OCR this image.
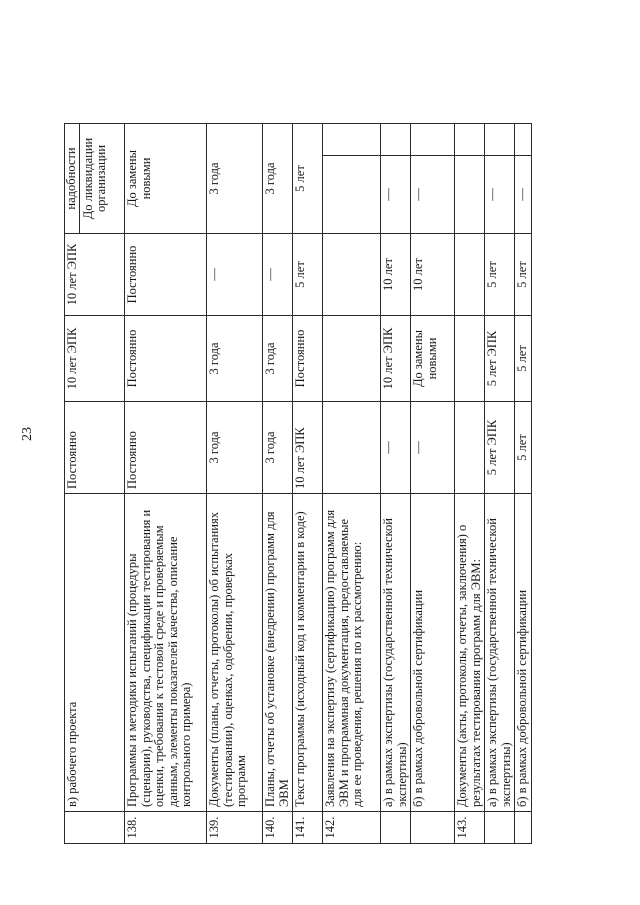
23
	в) рабочего проекта	Постоянно	10 лет ЭПК	10 лет ЭПК	надобности До ликвидации организации	

138.	Программы и методики испытаний (процедуры (сценарии), руководства, спецификации тестирования и оценки, требования к тестовой среде и проверяемым данным, элементы показателей качества, описание контрольного примера)	Постоянно	Постоянно	Постоянно	До замены новыми	
139.	Документы (планы, отчеты, протоколы) об испытаниях (тестировании), оценках, одобрении, проверках программ	3 года	3 года	—	3 года	
140.	Планы, отчеты об установке (внедрении) программ для ЭВМ	3 года	3 года	—	3 года	
141.	Текст программы (исходный код и комментарии в коде)	10 лет ЭПК	Постоянно	5 лет	5 лет	
142.	Заявления на экспертизу (сертификацию) программ для ЭВМ и программная документация, предоставляемые для ее проведения, решения по их рассмотрению:					
	а) в рамках экспертизы (государственной технической экспертизы)	—	10 лет ЭПК	10 лет	—	
	б) в рамках добровольной сертификации	—	До замены новыми	10 лет	—	
143.	Документы (акты, протоколы, отчеты, заключения) о результатах тестирования программ для ЭВМ:					
	а) в рамках экспертизы (государственной технической экспертизы)	5 лет ЭПК	5 лет ЭПК	5 лет	—	
	б) в рамках добровольной сертификации	5 лет	5 лет	5 лет	—	
